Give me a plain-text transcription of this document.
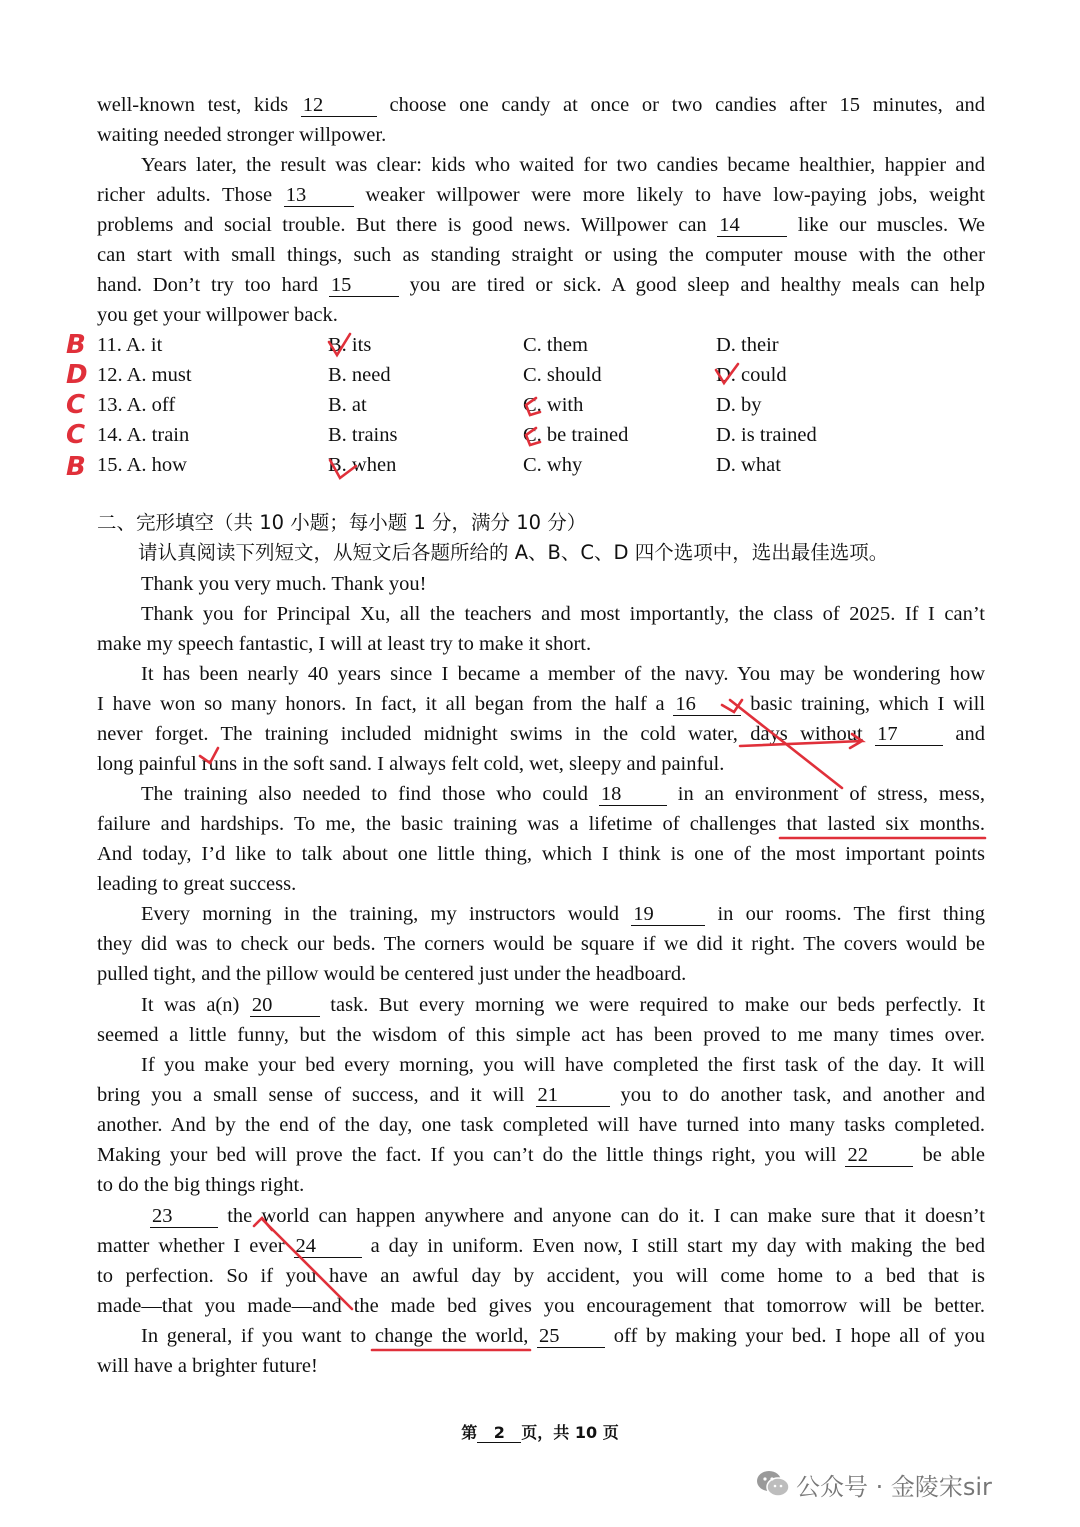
well-known test, kids 12	choose one candy at once or two candies after 15 minutes, and
waiting needed stronger willpower.
Years later, the result was clear: kids who waited for two candies became healthier, happier and
richer adults. Those 13	weaker willpower were more likely to have low-paying jobs, weight
problems and social trouble. But there is good news. Willpower can 14	like our muscles. We
can start with small things, such as standing straight or using the computer mouse with the other
hand. Don’t try too hard 15	you are tired or sick. A good sleep and healthy meals can help
you get your willpower back.
B 11. A. it	B. its	C. them	D. their
D 12. A. must	B. need	C. should	D. could
C 13. A. off	B. at	C. with	D. by
C 14. A. train	B. trains	C. be trained	D. is trained
B 15. A. how	B. when	C. why	D. what
二、完形填空（共 10 小题；每小题 1 分，满分 10 分）
请认真阅读下列短文，从短文后各题所给的 A、B、C、D 四个选项中，选出最佳选项。
Thank you very much. Thank you!
Thank you for Principal Xu, all the teachers and most importantly, the class of 2025. If I can’t
make my speech fantastic, I will at least try to make it short.
It has been nearly 40 years since I became a member of the navy. You may be wondering how
I have won so many honors. In fact, it all began from the half a 16	basic training, which I will
never forget. The training included midnight swims in the cold water, days without 17	and
long painful runs in the soft sand. I always felt cold, wet, sleepy and painful.
The training also needed to find those who could 18	in an environment of stress, mess,
failure and hardships. To me, the basic training was a lifetime of challenges that lasted six months.
And today, I’d like to talk about one little thing, which I think is one of the most important points
leading to great success.
Every morning in the training, my instructors would 19	in our rooms. The first thing
they did was to check our beds. The corners would be square if we did it right. The covers would be
pulled tight, and the pillow would be centered just under the headboard.
It was a(n) 20	task. But every morning we were required to make our beds perfectly. It
seemed a little funny, but the wisdom of this simple act has been proved to me many times over.
If you make your bed every morning, you will have completed the first task of the day. It will
bring you a small sense of success, and it will 21	you to do another task, and another and
another. And by the end of the day, one task completed will have turned into many tasks completed.
Making your bed will prove the fact. If you can’t do the little things right, you will 22	be able
to do the big things right.
23	the world can happen anywhere and anyone can do it. I can make sure that it doesn’t
matter whether I ever 24	a day in uniform. Even now, I still start my day with making the bed
to perfection. So if you have an awful day by accident, you will come home to a bed that is
made—that you made—and the made bed gives you encouragement that tomorrow will be better.
In general, if you want to change the world, 25	off by making your bed. I hope all of you
will have a brighter future!
第 2 页，共 10 页
公众号 · 金陵宋sir
